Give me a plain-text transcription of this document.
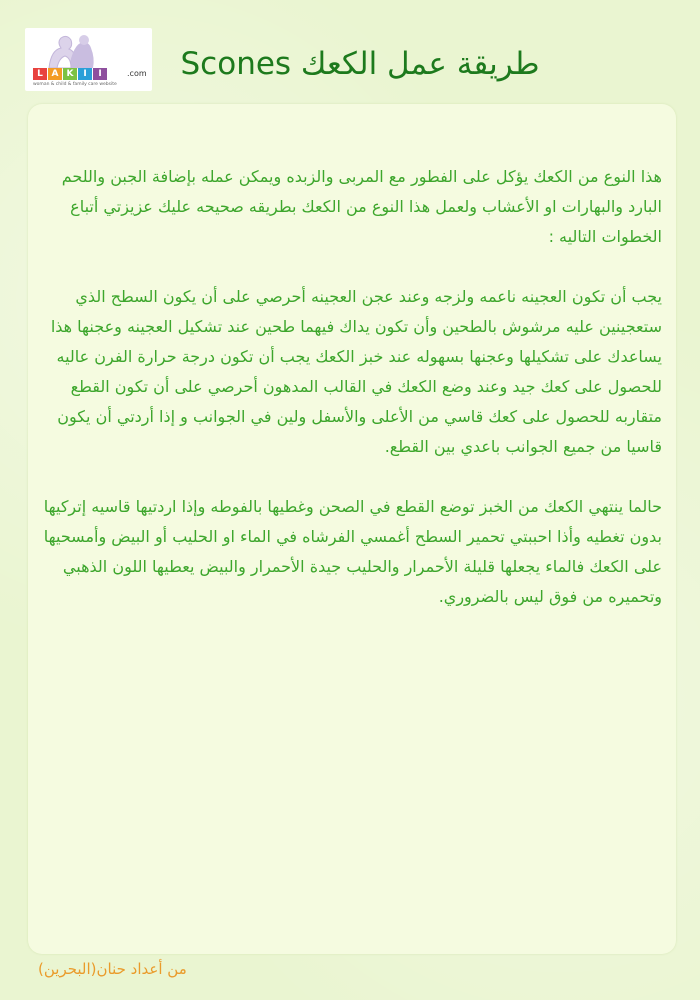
L A K	I	I	.com
woman & child & family care website
طريقة عمل الكعك Scones

هذا النوع من الكعك يؤكل على الفطور مع المربى والزبده ويمكن عمله بإضافة الجبن واللحم البارد والبهارات او الأعشاب ولعمل هذا النوع من الكعك بطريقه صحيحه عليك عزيزتي أتباع الخطوات التاليه :

يجب أن تكون العجينه ناعمه ولزجه وعند عجن العجينه أحرصي على أن يكون السطح الذي ستعجينين عليه مرشوش بالطحين وأن تكون يداك فيهما طحين عند تشكيل العجينه وعجنها هذا يساعدك على تشكيلها وعجنها بسهوله عند خبز الكعك يجب أن تكون درجة حرارة الفرن عاليه للحصول على كعك جيد وعند وضع الكعك في القالب المدهون أحرصي على أن تكون القطع متقاربه للحصول على كعك قاسي من الأعلى والأسفل ولين في الجوانب و إذا أردتي أن يكون قاسيا من جميع الجوانب باعدي بين القطع.

حالما ينتهي الكعك من الخبز توضع القطع في الصحن وغطيها بالفوطه وإذا اردتيها قاسيه إتركيها بدون تغطيه وأذا احببتي تحمير السطح أغمسي الفرشاه في الماء او الحليب أو البيض وأمسحيها على الكعك فالماء يجعلها قليلة الأحمرار والحليب جيدة الأحمرار والبيض يعطيها اللون الذهبي وتحميره من فوق ليس بالضروري.

من أعداد حنان(البحرين)
